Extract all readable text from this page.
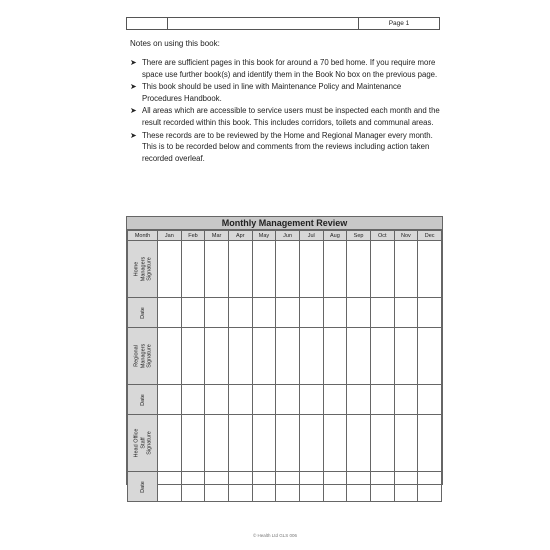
Page 1
Notes on using this book:
➤ There are sufficient pages in this book for around a 70 bed home. If you require more space use further book(s) and identify them in the Book No box on the previous page.
➤ This book should be used in line with Maintenance Policy and Maintenance Procedures Handbook.
➤ All areas which are accessible to service users must be inspected each month and the result recorded within this book. This includes corridors, toilets and communal areas.
➤ These records are to be reviewed by the Home and Regional Manager every month. This is to be recorded below and comments from the reviews including action taken recorded overleaf.
Monthly Management Review
Month	Jan	Feb	Mar	Apr	May	Jun	Jul	Aug	Sep	Oct	Nov	Dec

Home Managers Signature												

Date												

Regional Managers Signature												

Date												

Head Office Staff Signature												

Date												

© Health Ltd GLS 006
